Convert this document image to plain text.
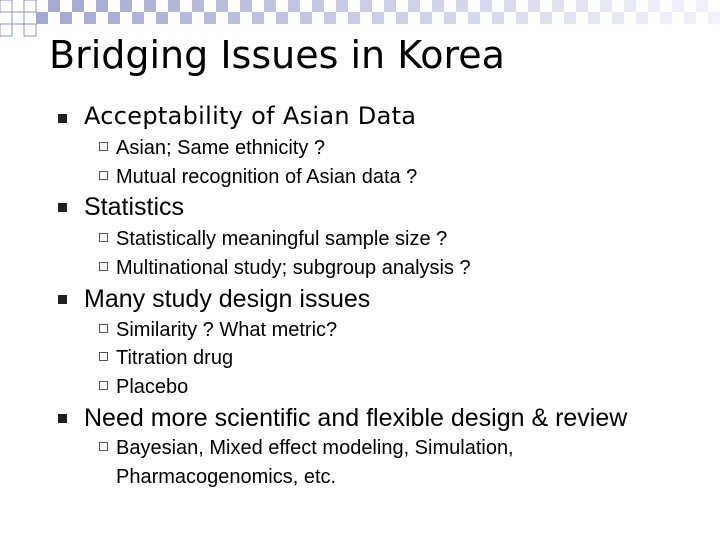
Bridging Issues in Korea
Acceptability of Asian Data
Asian; Same ethnicity ?
Mutual recognition of Asian data ?
Statistics
Statistically meaningful sample size ?
Multinational study; subgroup analysis ?
Many study design issues
Similarity ? What metric?
Titration drug
Placebo
Need more scientific and flexible design & review
Bayesian, Mixed effect modeling, Simulation,
Pharmacogenomics, etc.
